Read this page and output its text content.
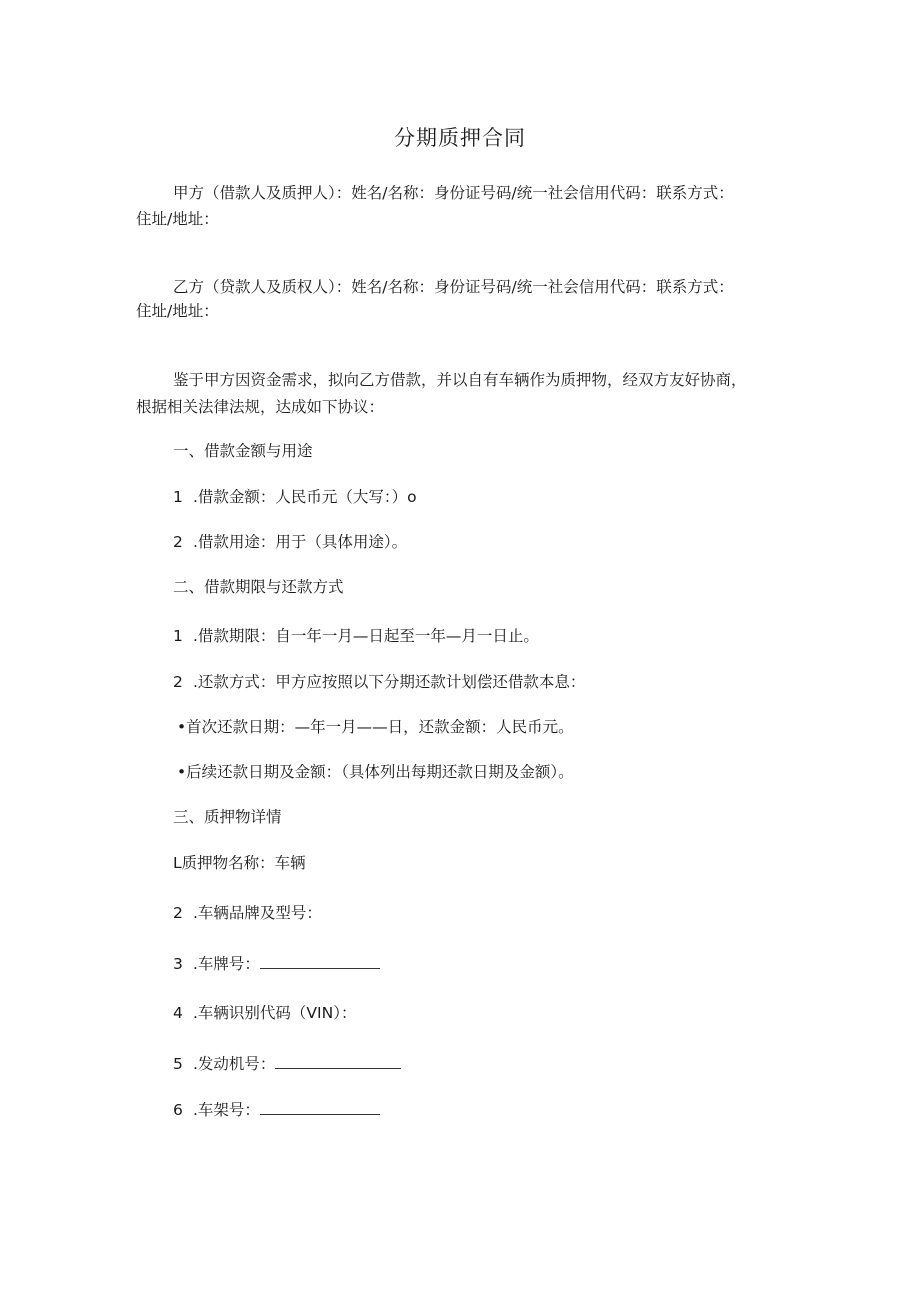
分期质押合同
甲方（借款人及质押人）：姓名/名称：身份证号码/统一社会信用代码：联系方式：
住址/地址：
乙方（贷款人及质权人）：姓名/名称：身份证号码/统一社会信用代码：联系方式：
住址/地址：
鉴于甲方因资金需求，拟向乙方借款，并以自有车辆作为质押物，经双方友好协商，
根据相关法律法规，达成如下协议：
一、借款金额与用途
1 .借款金额：人民币元（大写：）o
2 .借款用途：用于（具体用途）。
二、借款期限与还款方式
1 .借款期限：自一年一月—日起至一年—月一日止。
2 .还款方式：甲方应按照以下分期还款计划偿还借款本息：
•首次还款日期：—年一月——日，还款金额：人民币元。
•后续还款日期及金额：（具体列出每期还款日期及金额）。
三、质押物详情
L质押物名称：车辆
2 .车辆品牌及型号：
3 .车牌号：
4 .车辆识别代码（VIN）：
5 .发动机号：
6 .车架号：
